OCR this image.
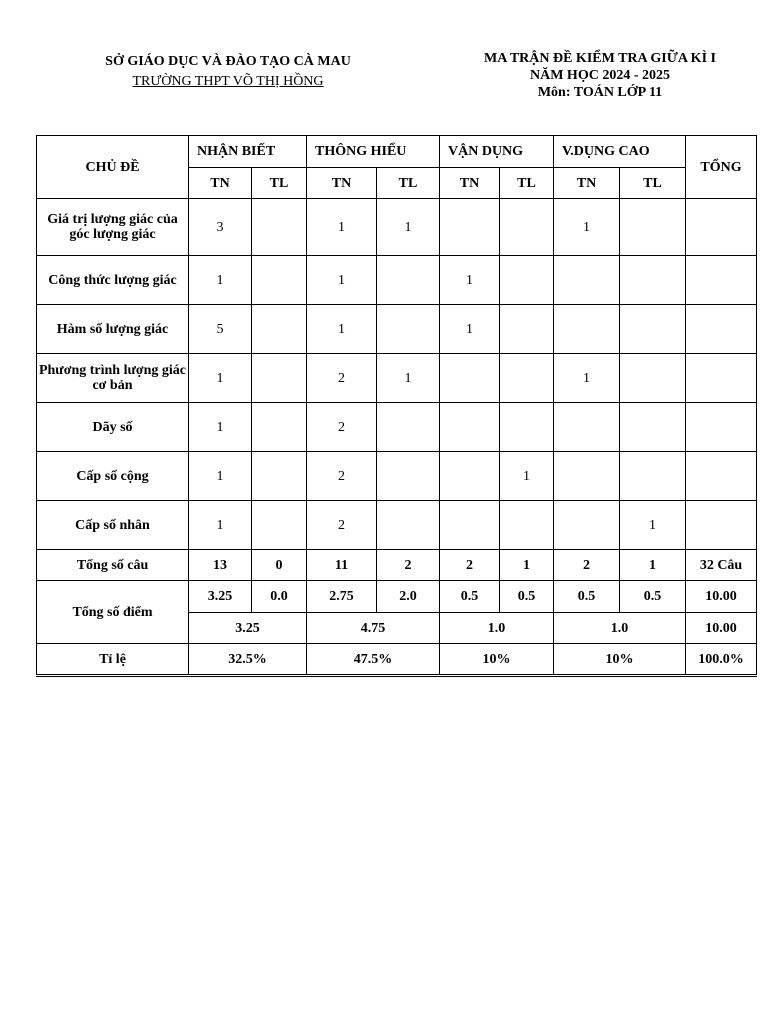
SỞ GIÁO DỤC VÀ ĐÀO TẠO CÀ MAU
TRƯỜNG THPT VÕ THỊ HỒNG
MA TRẬN ĐỀ KIỂM TRA GIỮA KÌ I
NĂM HỌC 2024 - 2025
Môn: TOÁN LỚP 11
CHỦ ĐỀ	NHẬN BIẾT		THÔNG HIỂU		VẬN DỤNG		V.DỤNG CAO		TỔNG
	TN	TL	TN	TL	TN	TL	TN	TL	
Giá trị lượng giác của góc lượng giác	3		1	1			1		
Công thức lượng giác	1		1		1				
Hàm số lượng giác	5		1		1				
Phương trình lượng giác cơ bản	1		2	1			1		
Dãy số	1		2						
Cấp số cộng	1		2			1			
Cấp số nhân	1		2					1	
Tổng số câu	13	0	11	2	2	1	2	1	32 Câu
Tổng số điểm	3.25	0.0	2.75	2.0	0.5	0.5	0.5	0.5	10.00
	3.25		4.75		1.0		1.0		10.00
Tỉ lệ	32.5%		47.5%		10%		10%		100.0%
